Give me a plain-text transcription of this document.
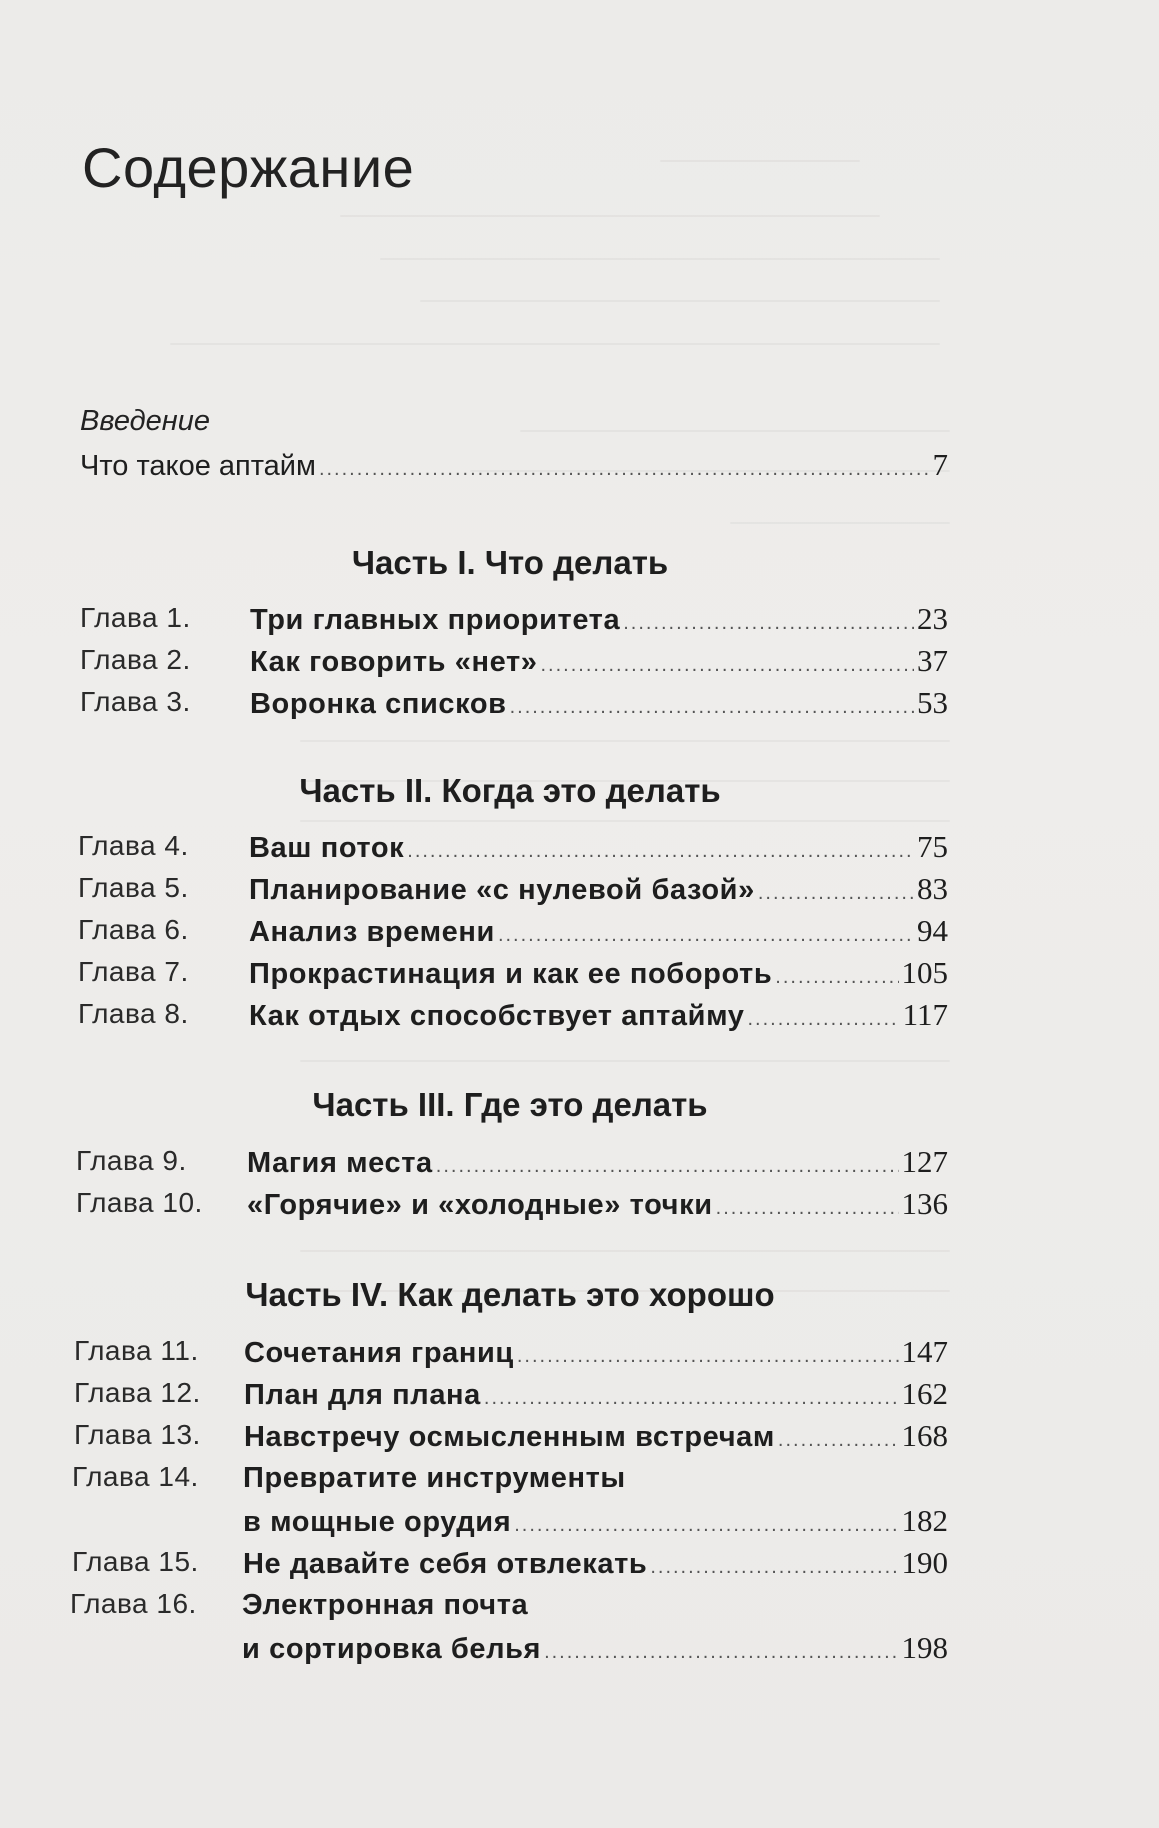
Содержание
Введение
Что такое аптайм .....	7
Часть I. Что делать
Глава 1. Три главных приоритета .....	23
Глава 2. Как говорить «нет» .....	37
Глава 3. Воронка списков .....	53
Часть II. Когда это делать
Глава 4. Ваш поток .....	75
Глава 5. Планирование «с нулевой базой» .....	83
Глава 6. Анализ времени .....	94
Глава 7. Прокрастинация и как ее побороть .....	105
Глава 8. Как отдых способствует аптайму .....	117
Часть III. Где это делать
Глава 9. Магия места .....	127
Глава 10. «Горячие» и «холодные» точки .....	136
Часть IV. Как делать это хорошо
Глава 11. Сочетания границ .....	147
Глава 12. План для плана .....	162
Глава 13. Навстречу осмысленным встречам .....	168
Глава 14. Превратите инструменты
в мощные орудия .....	182
Глава 15. Не давайте себя отвлекать .....	190
Глава 16. Электронная почта
и сортировка белья .....	198
